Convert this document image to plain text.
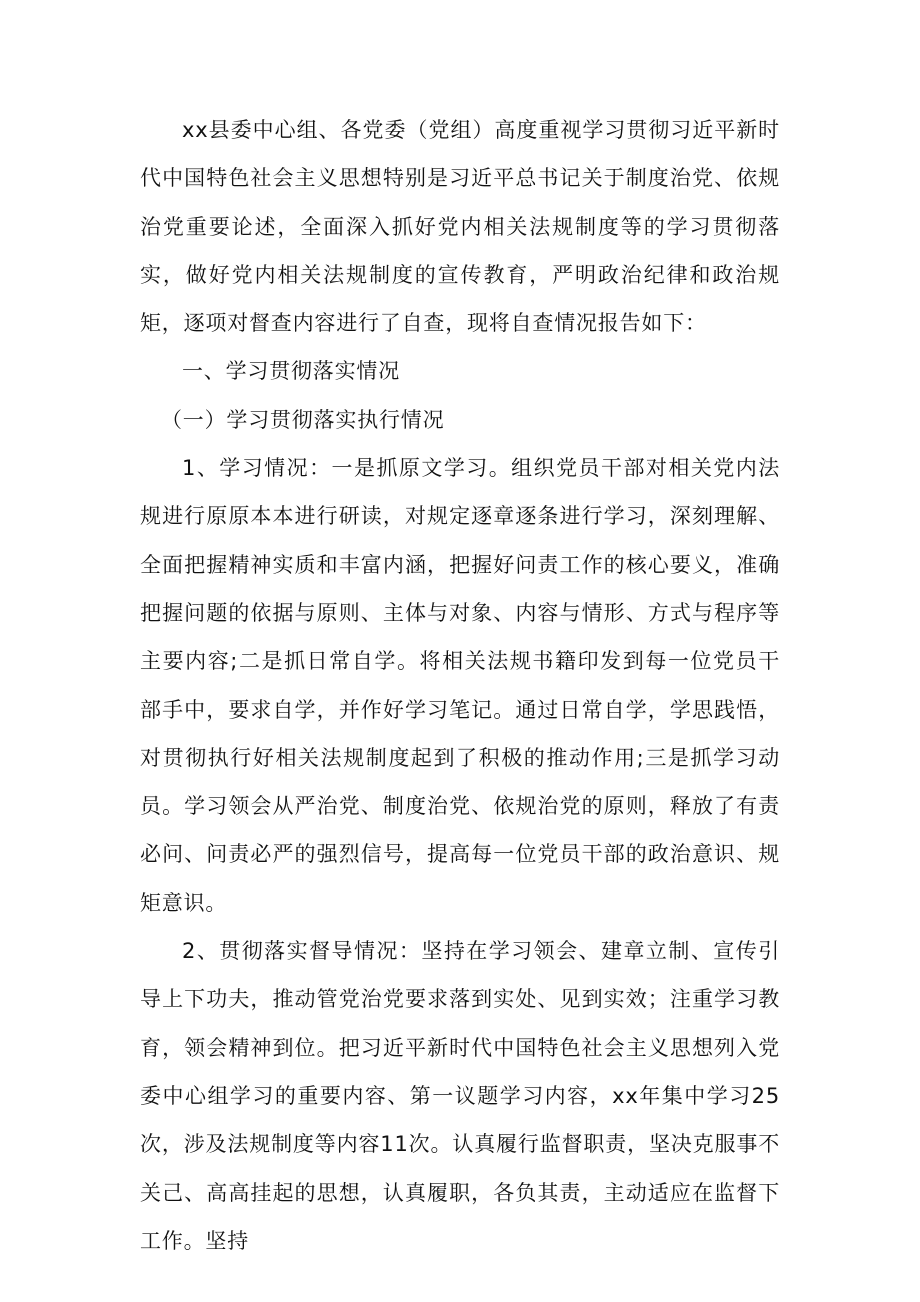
xx县委中心组、各党委（党组）高度重视学习贯彻习近平新时代中国特色社会主义思想特别是习近平总书记关于制度治党、依规治党重要论述，全面深入抓好党内相关法规制度等的学习贯彻落实，做好党内相关法规制度的宣传教育，严明政治纪律和政治规矩，逐项对督查内容进行了自查，现将自查情况报告如下：

一、学习贯彻落实情况

（一）学习贯彻落实执行情况

1、学习情况：一是抓原文学习。组织党员干部对相关党内法规进行原原本本进行研读，对规定逐章逐条进行学习，深刻理解、全面把握精神实质和丰富内涵，把握好问责工作的核心要义，准确把握问题的依据与原则、主体与对象、内容与情形、方式与程序等主要内容;二是抓日常自学。将相关法规书籍印发到每一位党员干部手中，要求自学，并作好学习笔记。通过日常自学，学思践悟，对贯彻执行好相关法规制度起到了积极的推动作用;三是抓学习动员。学习领会从严治党、制度治党、依规治党的原则，释放了有责必问、问责必严的强烈信号，提高每一位党员干部的政治意识、规矩意识。

2、贯彻落实督导情况：坚持在学习领会、建章立制、宣传引导上下功夫，推动管党治党要求落到实处、见到实效；注重学习教育，领会精神到位。把习近平新时代中国特色社会主义思想列入党委中心组学习的重要内容、第一议题学习内容，xx年集中学习25次，涉及法规制度等内容11次。认真履行监督职责，坚决克服事不关己、高高挂起的思想，认真履职，各负其责，主动适应在监督下工作。坚持
